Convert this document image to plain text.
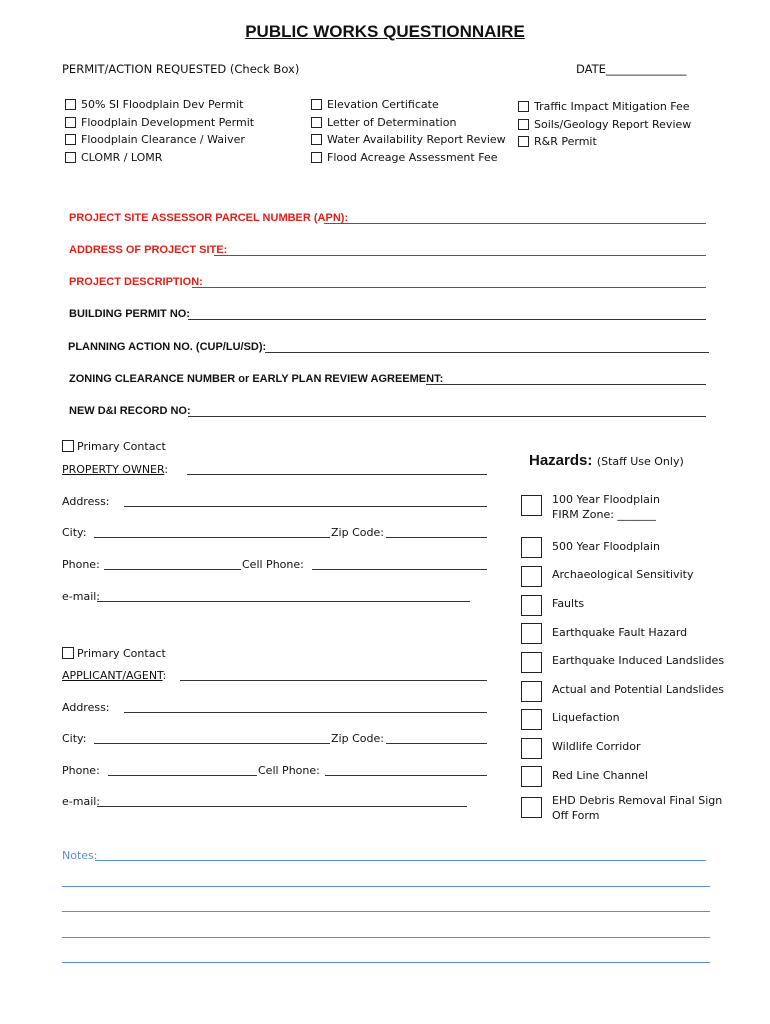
PUBLIC WORKS QUESTIONNAIRE
PERMIT/ACTION REQUESTED (Check Box)	DATE______________
50% SI Floodplain Dev Permit
Floodplain Development Permit
Floodplain Clearance / Waiver
CLOMR / LOMR
Elevation Certificate
Letter of Determination
Water Availability Report Review
Flood Acreage Assessment Fee
Traffic Impact Mitigation Fee
Soils/Geology Report Review
R&R Permit
PROJECT SITE ASSESSOR PARCEL NUMBER (APN):
ADDRESS OF PROJECT SITE:
PROJECT DESCRIPTION:
BUILDING PERMIT NO:
PLANNING ACTION NO. (CUP/LU/SD):
ZONING CLEARANCE NUMBER or EARLY PLAN REVIEW AGREEMENT:
NEW D&I RECORD NO:
Primary Contact
PROPERTY OWNER:
Address:
City:	Zip Code:
Phone:	Cell Phone:
e-mail:
Primary Contact
APPLICANT/AGENT:
Address:
City:	Zip Code:
Phone:	Cell Phone:
e-mail:
Hazards: (Staff Use Only)
100 Year Floodplain
FIRM Zone: _______
500 Year Floodplain
Archaeological Sensitivity
Faults
Earthquake Fault Hazard
Earthquake Induced Landslides
Actual and Potential Landslides
Liquefaction
Wildlife Corridor
Red Line Channel
EHD Debris Removal Final Sign
Off Form
Notes:
